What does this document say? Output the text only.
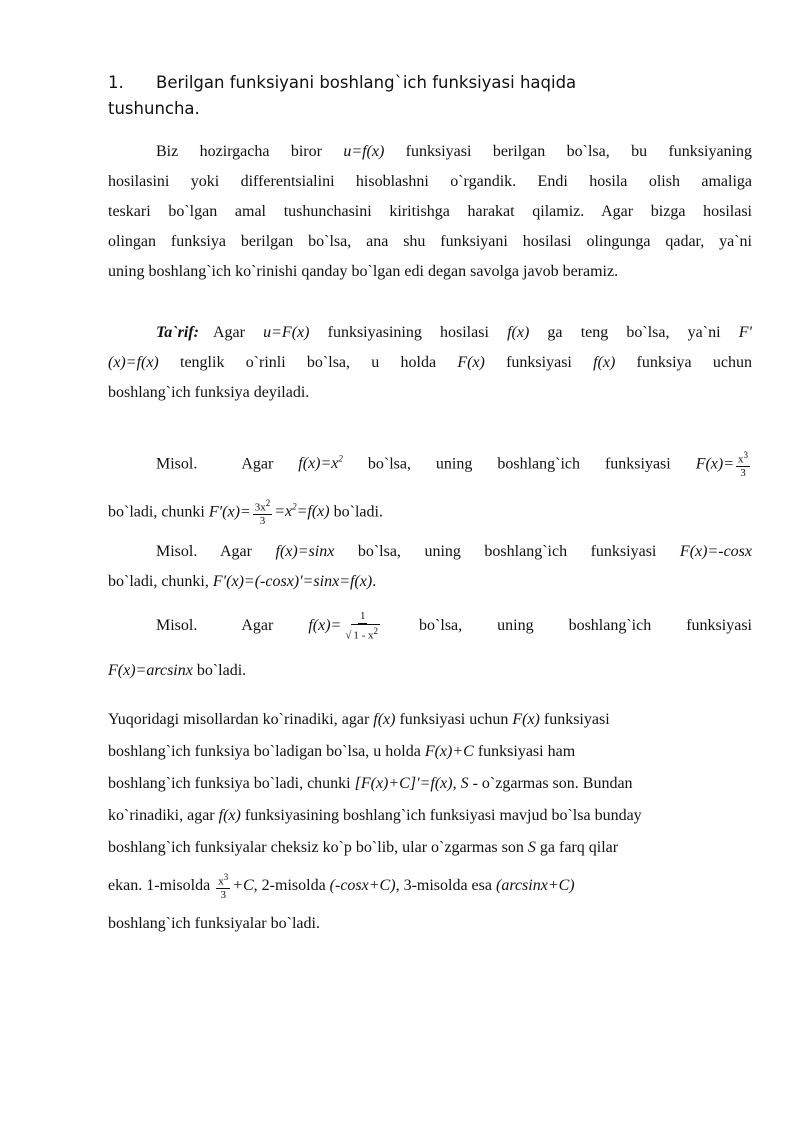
1. Berilgan funksiyani boshlang`ich funksiyasi haqida
tushuncha.
Biz hozirgacha biror u=f(x) funksiyasi berilgan bo`lsa, bu funksiyaning
hosilasini yoki differentsialini hisoblashni o`rgandik. Endi hosila olish amaliga
teskari bo`lgan amal tushunchasini kiritishga harakat qilamiz. Agar bizga hosilasi
olingan funksiya berilgan bo`lsa, ana shu funksiyani hosilasi olingunga qadar, ya`ni
uning boshlang`ich ko`rinishi qanday bo`lgan edi degan savolga javob beramiz.
Ta`rif: Agar u=F(x) funksiyasining hosilasi f(x) ga teng bo`lsa, ya`ni F′
(x)=f(x) tenglik o`rinli bo`lsa, u holda F(x) funksiyasi f(x) funksiya uchun
boshlang`ich funksiya deyiladi.
Misol.	Agar $f(x)=x^2$ bo`lsa, uning boshlang`ich funksiyasi $F(x)= \frac{x^3}{3}$
bo`ladi, chunki $F'(x)= \frac{3x^2}{3} =x^2=f(x)$ bo`ladi.
Misol. Agar f(x)=sinx bo`lsa, uning boshlang`ich funksiyasi F(x)=-cosx
bo`ladi, chunki, F′(x)=(-cosx)′=sinx=f(x).
Misol.	Agar $f(x)= \frac{1}{√ 1 - x^2}$ bo`lsa, uning boshlang`ich funksiyasi
F(x)=arcsinx bo`ladi.
Yuqoridagi misollardan ko`rinadiki, agar f(x) funksiyasi uchun F(x) funksiyasi
boshlang`ich funksiya bo`ladigan bo`lsa, u holda F(x)+C funksiyasi ham
boshlang`ich funksiya bo`ladi, chunki [F(x)+C]′=f(x), S - o`zgarmas son. Bundan
ko`rinadiki, agar f(x) funksiyasining boshlang`ich funksiyasi mavjud bo`lsa bunday
boshlang`ich funksiyalar cheksiz ko`p bo`lib, ular o`zgarmas son S ga farq qilar
ekan. 1-misolda $\frac{x^3}{3} +C$, 2-misolda (-cosx+C), 3-misolda esa (arcsinx+C)
boshlang`ich funksiyalar bo`ladi.
